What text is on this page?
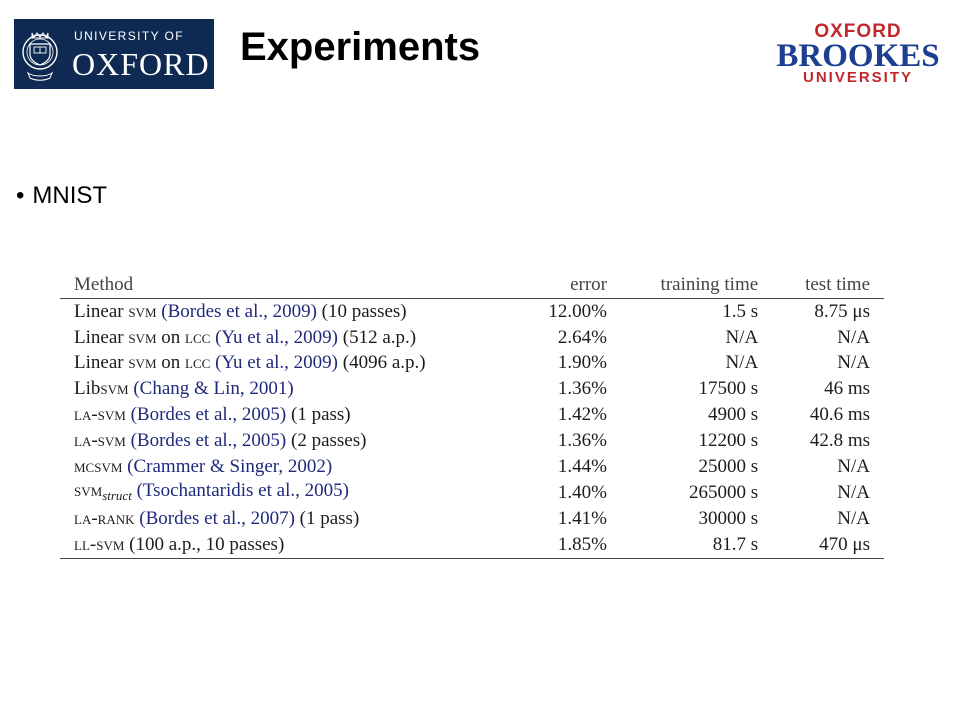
UNIVERSITY OF
OXFORD Experiments	OXFORD
BROOKES
UNIVERSITY
• MNIST
Method	error	training time	test time
Linear svm (Bordes et al., 2009) (10 passes)	12.00%	1.5 s	8.75 μs
Linear svm on lcc (Yu et al., 2009) (512 a.p.)	2.64%	N/A	N/A
Linear svm on lcc (Yu et al., 2009) (4096 a.p.)	1.90%	N/A	N/A
Libsvm (Chang & Lin, 2001)	1.36%	17500 s	46 ms
la-svm (Bordes et al., 2005) (1 pass)	1.42%	4900 s	40.6 ms
la-svm (Bordes et al., 2005) (2 passes)	1.36%	12200 s	42.8 ms
mcsvm (Crammer & Singer, 2002)	1.44%	25000 s	N/A
svm$_{struct}$ (Tsochantaridis et al., 2005)	1.40%	265000 s	N/A
la-rank (Bordes et al., 2007) (1 pass)	1.41%	30000 s	N/A
ll-svm (100 a.p., 10 passes)	1.85%	81.7 s	470 μs
